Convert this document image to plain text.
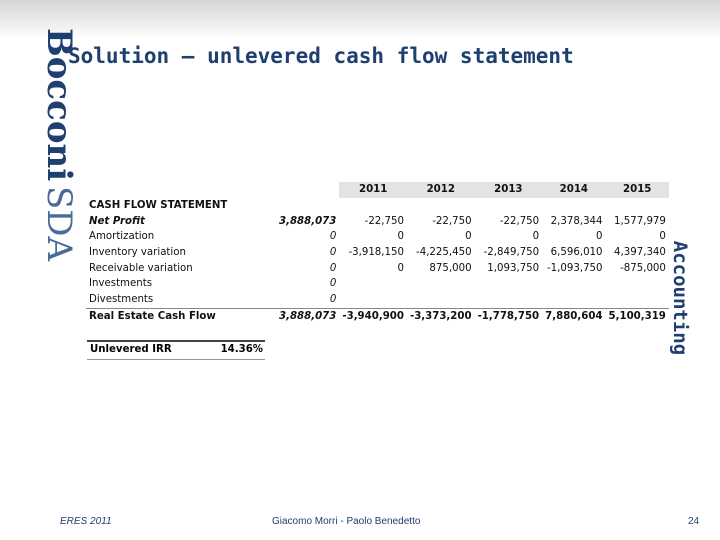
Bocconi
SDA
Solution – unlevered cash flow statement
Accounting
		2011	2012	2013	2014	2015
CASH FLOW STATEMENT						
Net Profit	3,888,073	-22,750	-22,750	-22,750	2,378,344	1,577,979
Amortization	0	0	0	0	0	0
Inventory variation	0	-3,918,150	-4,225,450	-2,849,750	6,596,010	4,397,340
Receivable variation	0	0	875,000	1,093,750	-1,093,750	-875,000
Investments	0					
Divestments	0					
Real Estate Cash Flow	3,888,073	-3,940,900	-3,373,200	-1,778,750	7,880,604	5,100,319
Unlevered IRR	14.36%
ERES 2011	Giacomo Morri - Paolo Benedetto	24
